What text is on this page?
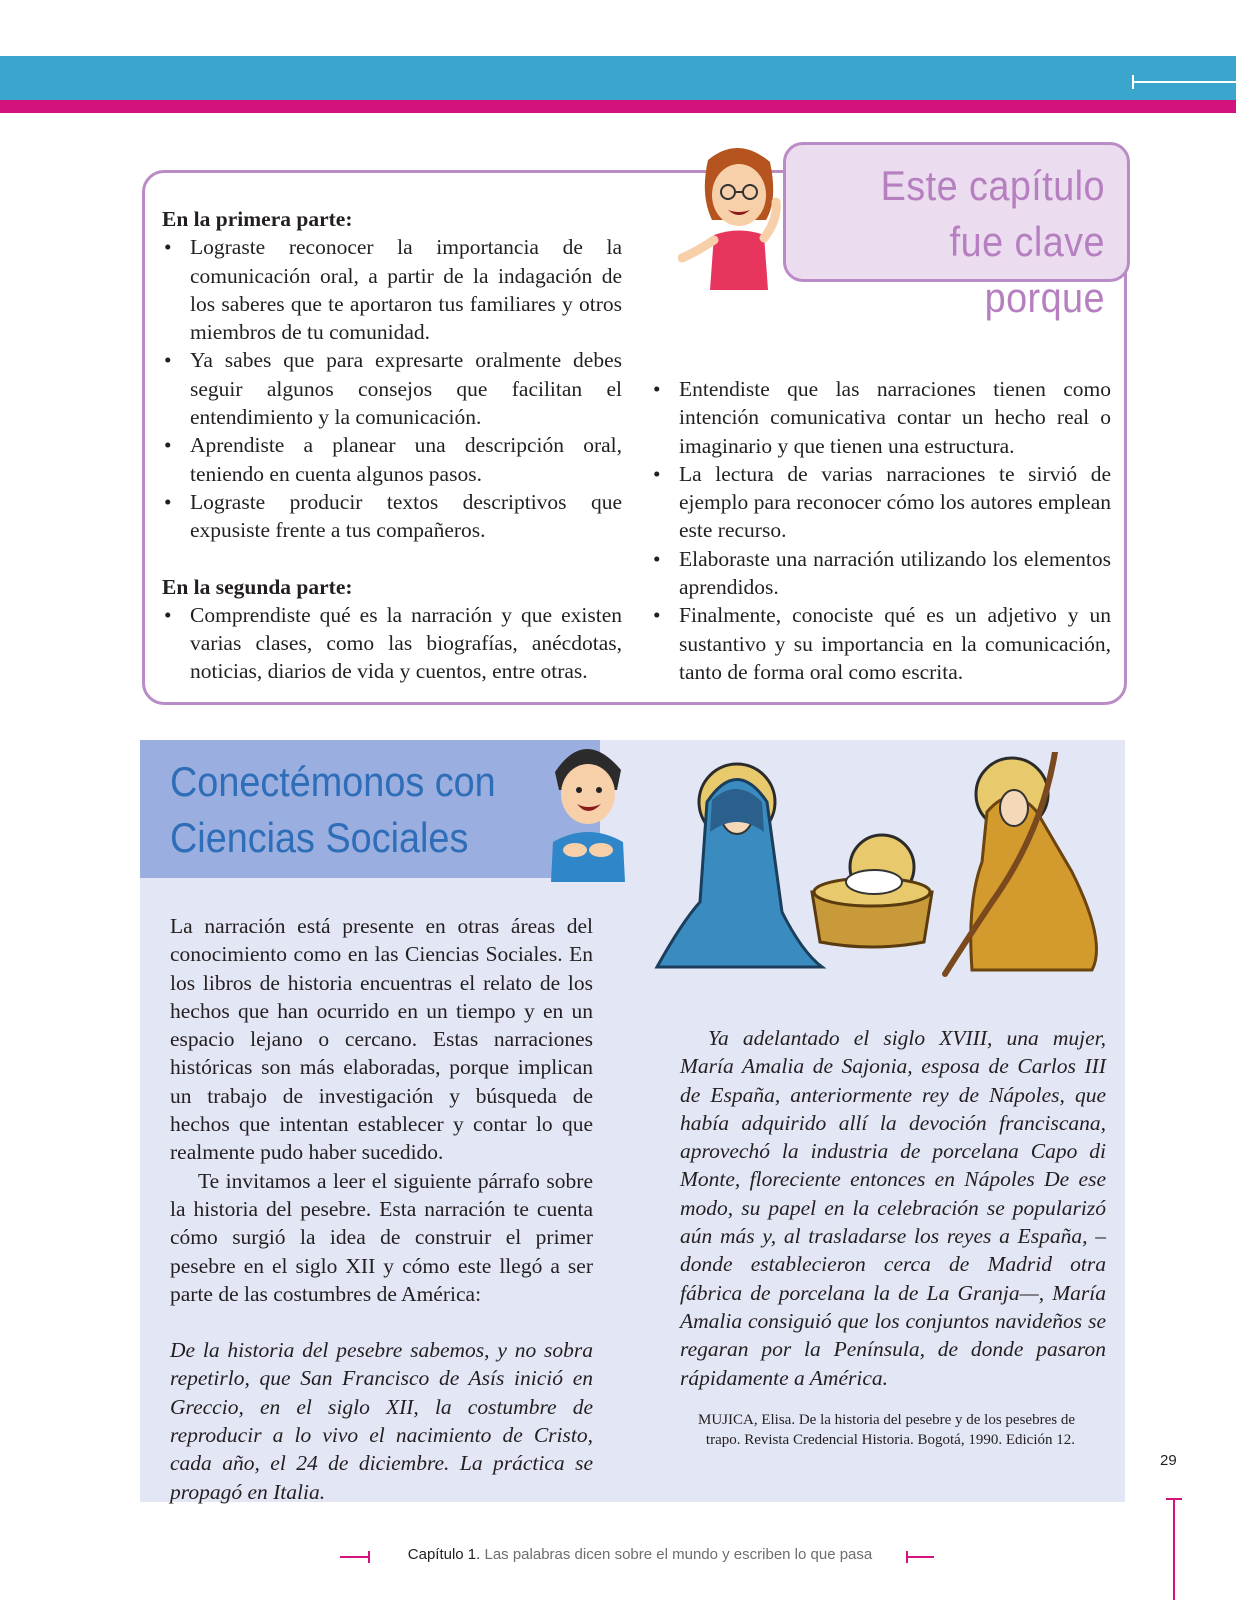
Este capítulo
fue clave porque
En la primera parte:
• Lograste reconocer la importancia de la comunicación oral, a partir de la indagación de los saberes que te aportaron tus familiares y otros miembros de tu comunidad.
• Ya sabes que para expresarte oralmente debes seguir algunos consejos que facilitan el entendimiento y la comunicación.
• Aprendiste a planear una descripción oral, teniendo en cuenta algunos pasos.
• Lograste producir textos descriptivos que expusiste frente a tus compañeros.
En la segunda parte:
• Comprendiste qué es la narración y que existen varias clases, como las biografías, anécdotas, noticias, diarios de vida y cuentos, entre otras.
• Entendiste que las narraciones tienen como intención comunicativa contar un hecho real o imaginario y que tienen una estructura.
• La lectura de varias narraciones te sirvió de ejemplo para reconocer cómo los autores emplean este recurso.
• Elaboraste una narración utilizando los elementos aprendidos.
• Finalmente, conociste qué es un adjetivo y un sustantivo y su importancia en la comunicación, tanto de forma oral como escrita.
Conectémonos con
Ciencias Sociales

La narración está presente en otras áreas del conocimiento como en las Ciencias Sociales. En los libros de historia encuentras el relato de los hechos que han ocurrido en un tiempo y en un espacio lejano o cercano. Estas narraciones históricas son más elaboradas, porque implican un trabajo de investigación y búsqueda de hechos que intentan establecer y contar lo que realmente pudo haber sucedido.

Te invitamos a leer el siguiente párrafo sobre la historia del pesebre. Esta narración te cuenta cómo surgió la idea de construir el primer pesebre en el siglo XII y cómo este llegó a ser parte de las costumbres de América:

De la historia del pesebre sabemos, y no sobra repetirlo, que San Francisco de Asís inició en Greccio, en el siglo XII, la costumbre de reproducir a lo vivo el nacimiento de Cristo, cada año, el 24 de diciembre. La práctica se propagó en Italia.

Ya adelantado el siglo XVIII, una mujer, María Amalia de Sajonia, esposa de Carlos III de España, anteriormente rey de Nápoles, que había adquirido allí la devoción franciscana, aprovechó la industria de porcelana Capo di Monte, floreciente entonces en Nápoles De ese modo, su papel en la celebración se popularizó aún más y, al trasladarse los reyes a España, –donde establecieron cerca de Madrid otra fábrica de porcelana la de La Granja—, María Amalia consiguió que los conjuntos navideños se regaran por la Península, de donde pasaron rápidamente a América.
MUJICA, Elisa. De la historia del pesebre y de los pesebres de trapo. Revista Credencial Historia. Bogotá, 1990. Edición 12.
29
Capítulo 1. Las palabras dicen sobre el mundo y escriben lo que pasa
